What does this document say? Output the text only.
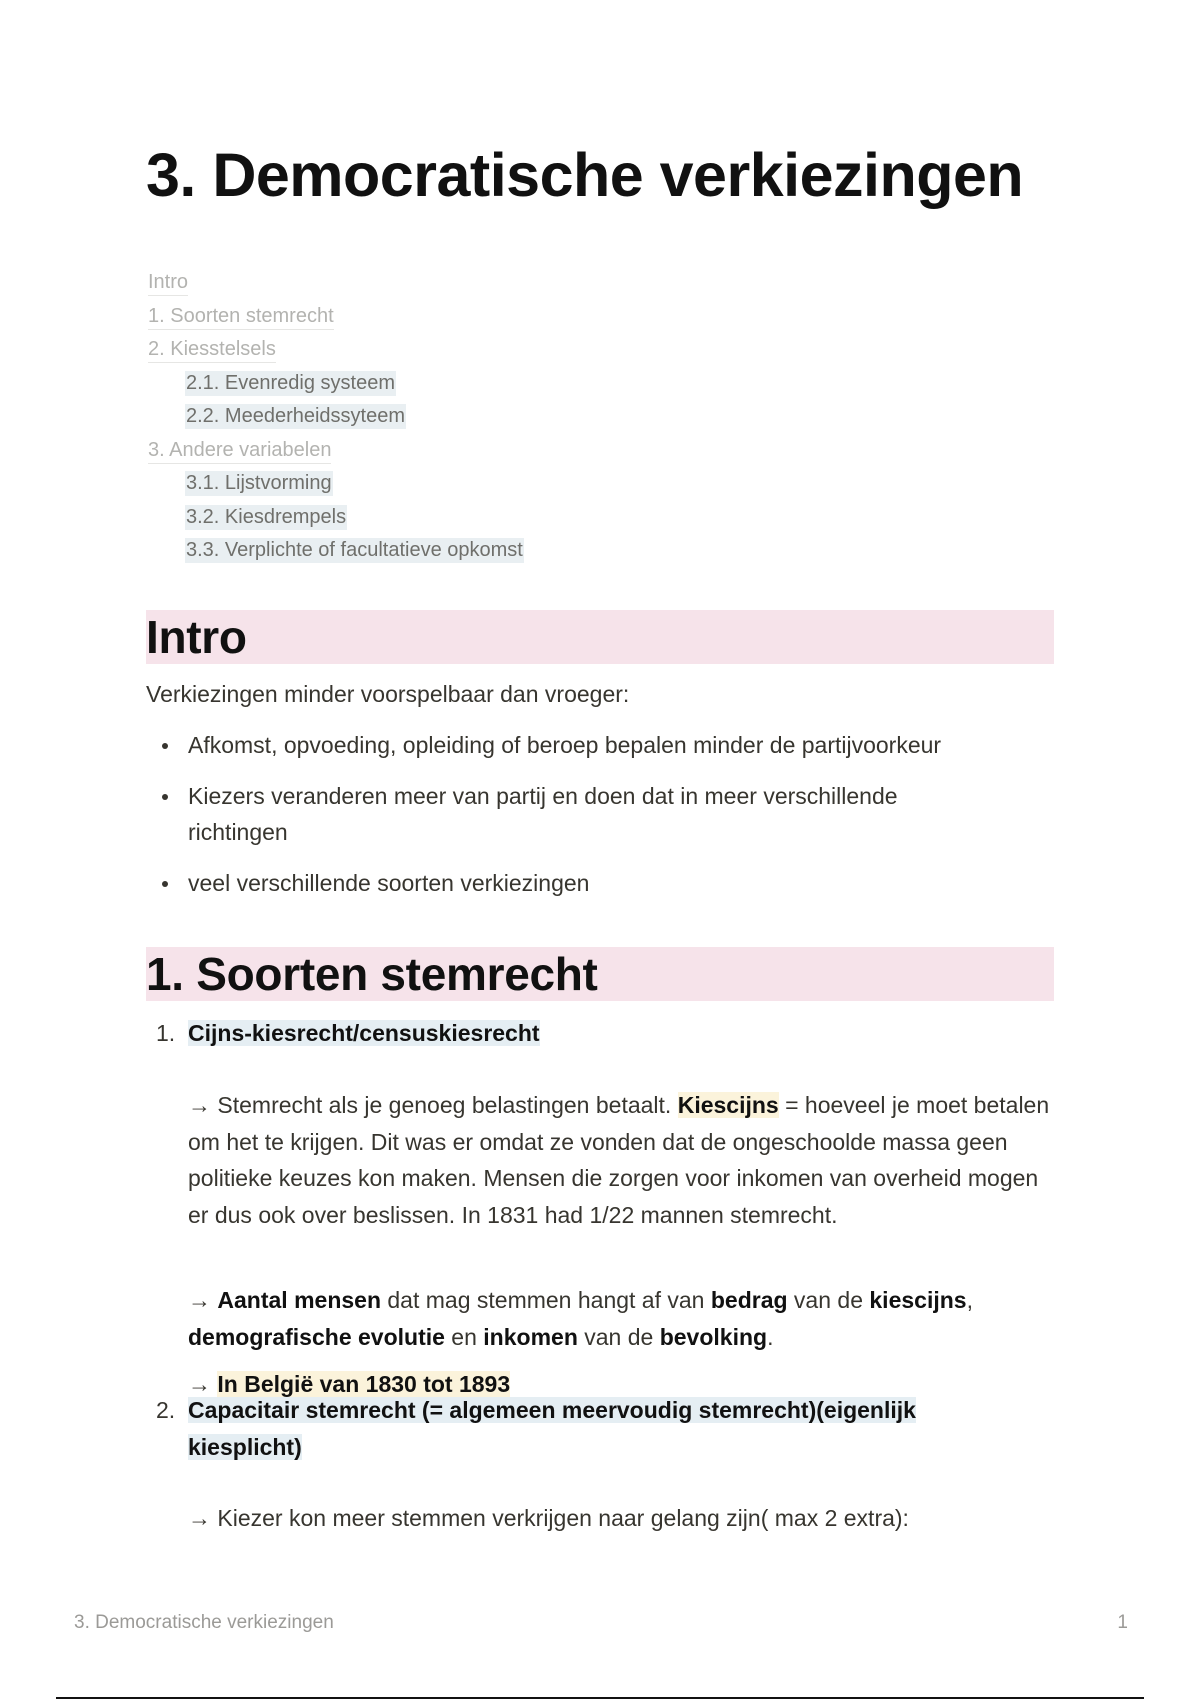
3. Democratische verkiezingen
Intro
1. Soorten stemrecht
2. Kiesstelsels
2.1. Evenredig systeem
2.2. Meederheidssyteem
3. Andere variabelen
3.1. Lijstvorming
3.2. Kiesdrempels
3.3. Verplichte of facultatieve opkomst
Intro

Verkiezingen minder voorspelbaar dan vroeger:

Afkomst, opvoeding, opleiding of beroep bepalen minder de partijvoorkeur
Kiezers veranderen meer van partij en doen dat in meer verschillende richtingen
veel verschillende soorten verkiezingen
1. Soorten stemrecht
1. Cijns-kiesrecht/censuskiesrecht

→ Stemrecht als je genoeg belastingen betaalt. Kiescijns = hoeveel je moet betalen om het te krijgen. Dit was er omdat ze vonden dat de ongeschoolde massa geen politieke keuzes kon maken. Mensen die zorgen voor inkomen van overheid mogen er dus ook over beslissen. In 1831 had 1/22 mannen stemrecht.

→ Aantal mensen dat mag stemmen hangt af van bedrag van de kiescijns, demografische evolutie en inkomen van de bevolking.

→ In België van 1830 tot 1893

2. Capacitair stemrecht (= algemeen meervoudig stemrecht)(eigenlijk kiesplicht)

→ Kiezer kon meer stemmen verkrijgen naar gelang zijn( max 2 extra):

3. Democratische verkiezingen	1
